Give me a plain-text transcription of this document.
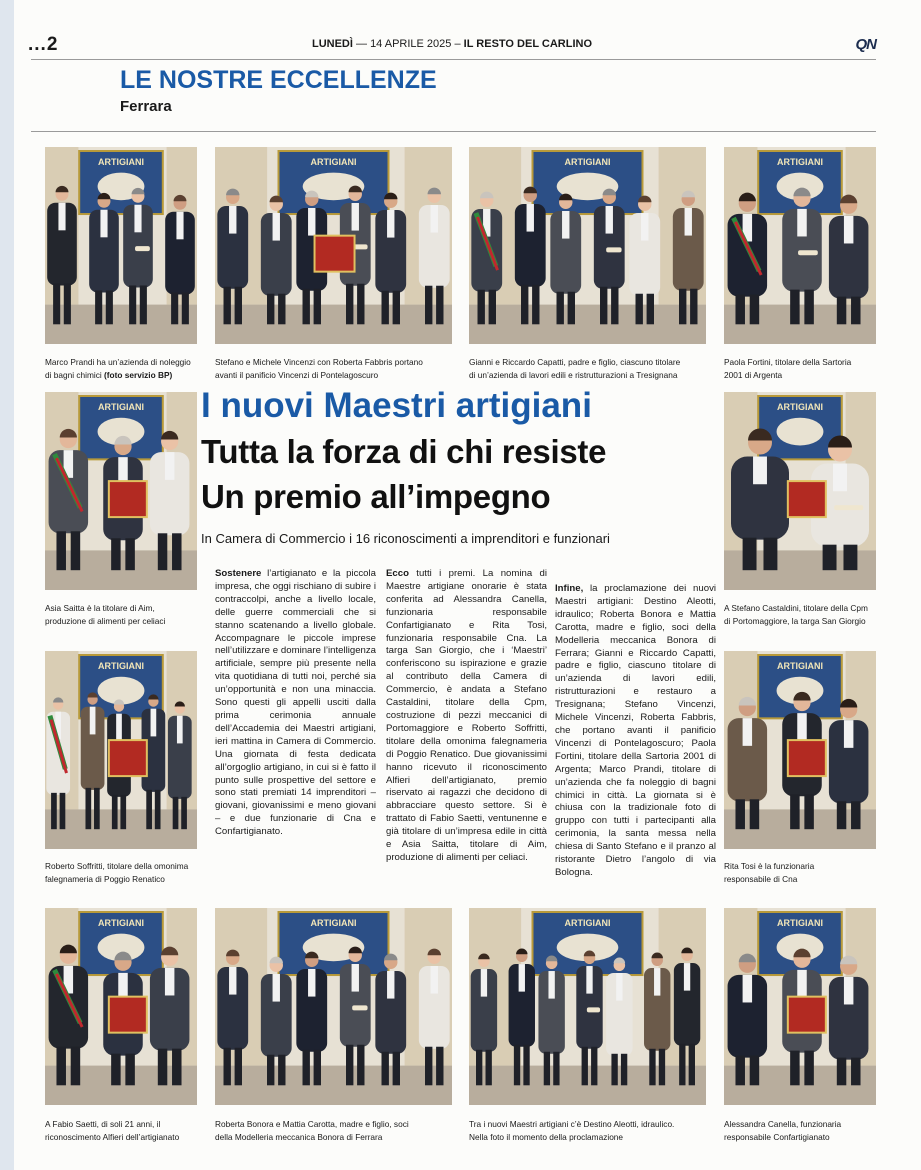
...2	LUNEDÌ — 14 APRILE 2025 – IL RESTO DEL CARLINO	QN
LE NOSTRE ECCELLENZE
Ferrara
ARTIGIANI	ARTIGIANI	ARTIGIANI	ARTIGIANI
ARTIGIANI	ARTIGIANI
ARTIGIANI	ARTIGIANI
ARTIGIANI	ARTIGIANI	ARTIGIANI	ARTIGIANI
Marco Prandi ha un’azienda di noleggio
di bagni chimici (foto servizio BP)
Stefano e Michele Vincenzi con Roberta Fabbris portano
avanti il panificio Vincenzi di Pontelagoscuro
Gianni e Riccardo Capatti, padre e figlio, ciascuno titolare
di un’azienda di lavori edili e ristrutturazioni a Tresignana
Paola Fortini, titolare della Sartoria
2001 di Argenta
Asia Saitta è la titolare di Aim,
produzione di alimenti per celiaci
A Stefano Castaldini, titolare della Cpm
di Portomaggiore, la targa San Giorgio
Roberto Soffritti, titolare della omonima
falegnameria di Poggio Renatico
Rita Tosi è la funzionaria
responsabile di Cna
A Fabio Saetti, di soli 21 anni, il
riconoscimento Alfieri dell’artigianato
Roberta Bonora e Mattia Carotta, madre e figlio, soci
della Modelleria meccanica Bonora di Ferrara
Tra i nuovi Maestri artigiani c’è Destino Aleotti, idraulico.
Nella foto il momento della proclamazione
Alessandra Canella, funzionaria
responsabile Confartigianato
I nuovi Maestri artigiani
Tutta la forza di chi resiste
Un premio all’impegno
In Camera di Commercio i 16 riconoscimenti a imprenditori e funzionari
Sostenere l’artigianato e la piccola impresa, che oggi rischiano di subire i contraccolpi, anche a livello locale, delle guerre commerciali che si stanno scatenando a livello globale. Accompagnare le piccole imprese nell’utilizzare e dominare l’intelligenza artificiale, sempre più presente nella vita quotidiana di tutti noi, perché sia un’opportunità e non una minaccia. Sono questi gli appelli usciti dalla prima cerimonia annuale dell’Accademia dei Maestri artigiani, ieri mattina in Camera di Commercio. Una giornata di festa dedicata all’orgoglio artigiano, in cui si è fatto il punto sulle prospettive del settore e sono stati premiati 14 imprenditori – giovani, giovanissimi e meno giovani – e due funzionarie di Cna e Confartigianato.
Ecco tutti i premi. La nomina di Maestre artigiane onorarie è stata conferita ad Alessandra Canella, funzionaria responsabile Confartigianato e Rita Tosi, funzionaria responsabile Cna. La targa San Giorgio, che i ‘Maestri’ conferiscono su ispirazione e grazie al contributo della Camera di Commercio, è andata a Stefano Castaldini, titolare della Cpm, costruzione di pezzi meccanici di Portomaggiore e Roberto Soffritti, titolare della omonima falegnameria di Poggio Renatico. Due giovanissimi hanno ricevuto il riconoscimento Alfieri dell’artigianato, premio riservato ai ragazzi che decidono di abbracciare questo settore. Si è trattato di Fabio Saetti, ventunenne e già titolare di un’impresa edile in città e Asia Saitta, titolare di Aim, produzione di alimenti per celiaci.
Infine, la proclamazione dei nuovi Maestri artigiani: Destino Aleotti, idraulico; Roberta Bonora e Mattia Carotta, madre e figlio, soci della Modelleria meccanica Bonora di Ferrara; Gianni e Riccardo Capatti, padre e figlio, ciascuno titolare di un’azienda di lavori edili, ristrutturazioni e restauro a Tresignana; Stefano Vincenzi, Michele Vincenzi, Roberta Fabbris, che portano avanti il panificio Vincenzi di Pontelagoscuro; Paola Fortini, titolare della Sartoria 2001 di Argenta; Marco Prandi, titolare di un’azienda che fa noleggio di bagni chimici in città. La giornata si è chiusa con la tradizionale foto di gruppo con tutti i partecipanti alla cerimonia, la santa messa nella chiesa di Santo Stefano e il pranzo al ristorante Dietro l’angolo di via Bologna.
